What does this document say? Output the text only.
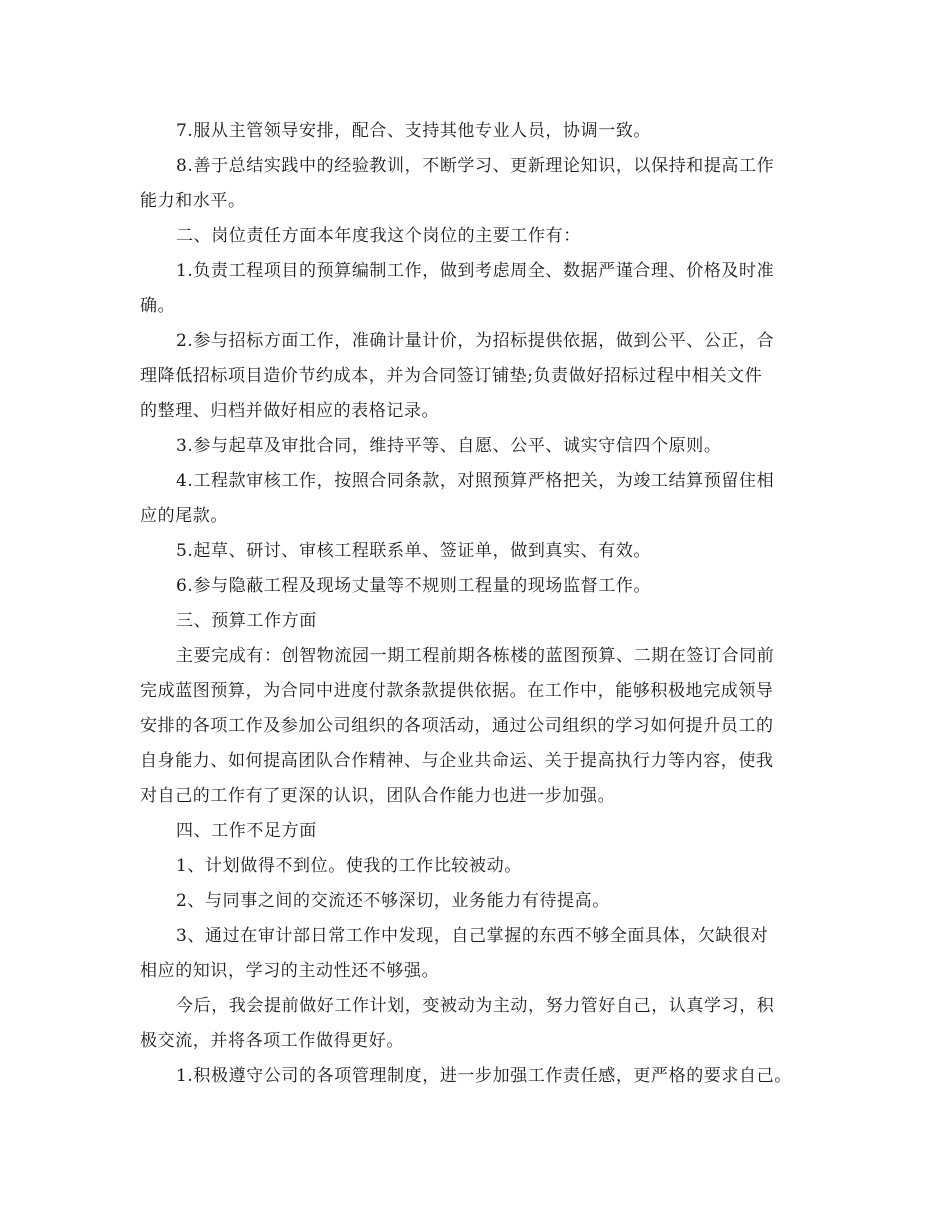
7.服从主管领导安排，配合、支持其他专业人员，协调一致。

8.善于总结实践中的经验教训，不断学习、更新理论知识，以保持和提高工作
能力和水平。

二、岗位责任方面本年度我这个岗位的主要工作有：

1.负责工程项目的预算编制工作，做到考虑周全、数据严谨合理、价格及时准
确。

2.参与招标方面工作，准确计量计价，为招标提供依据，做到公平、公正，合
理降低招标项目造价节约成本，并为合同签订铺垫;负责做好招标过程中相关文件
的整理、归档并做好相应的表格记录。

3.参与起草及审批合同，维持平等、自愿、公平、诚实守信四个原则。

4.工程款审核工作，按照合同条款，对照预算严格把关，为竣工结算预留住相
应的尾款。

5.起草、研讨、审核工程联系单、签证单，做到真实、有效。

6.参与隐蔽工程及现场丈量等不规则工程量的现场监督工作。

三、预算工作方面

主要完成有：创智物流园一期工程前期各栋楼的蓝图预算、二期在签订合同前
完成蓝图预算，为合同中进度付款条款提供依据。在工作中，能够积极地完成领导
安排的各项工作及参加公司组织的各项活动，通过公司组织的学习如何提升员工的
自身能力、如何提高团队合作精神、与企业共命运、关于提高执行力等内容，使我
对自己的工作有了更深的认识，团队合作能力也进一步加强。

四、工作不足方面

1、计划做得不到位。使我的工作比较被动。

2、与同事之间的交流还不够深切，业务能力有待提高。

3、通过在审计部日常工作中发现，自己掌握的东西不够全面具体，欠缺很对
相应的知识，学习的主动性还不够强。

今后，我会提前做好工作计划，变被动为主动，努力管好自己，认真学习，积
极交流，并将各项工作做得更好。

1.积极遵守公司的各项管理制度，进一步加强工作责任感，更严格的要求自己。
